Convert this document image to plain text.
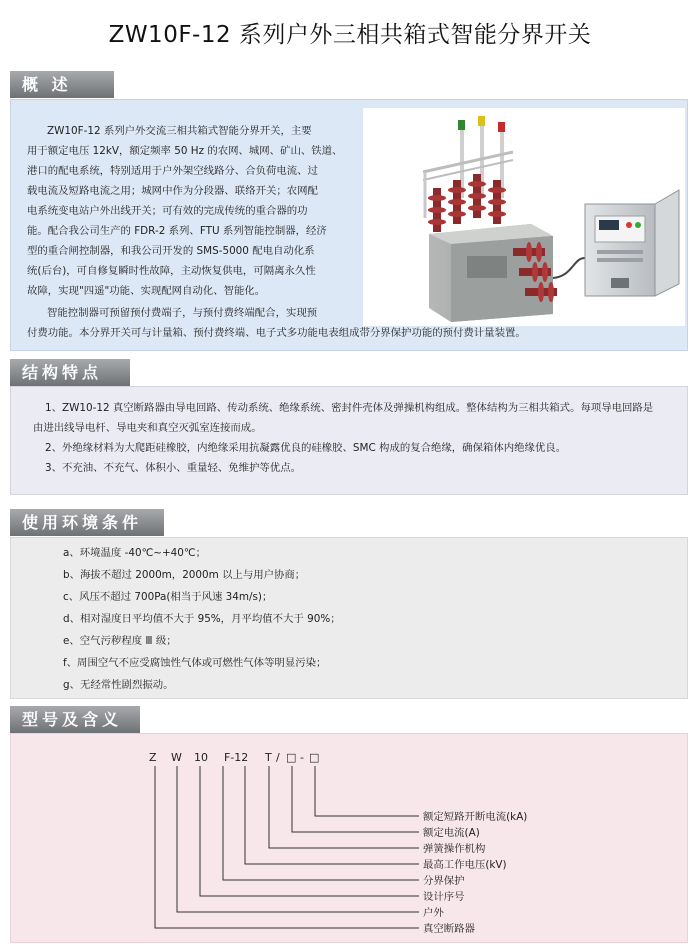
ZW10F-12 系列户外三相共箱式智能分界开关
概 述

ZW10F-12 系列户外交流三相共箱式智能分界开关，主要

用于额定电压 12kV，额定频率 50 Hz 的农网、城网、矿山、铁道、

港口的配电系统，特别适用于户外架空线路分、合负荷电流、过

载电流及短路电流之用；城网中作为分段器、联络开关；农网配

电系统变电站户外出线开关；可有效的完成传统的重合器的功

能。配合我公司生产的 FDR-2 系列、FTU 系列智能控制器，经济

型的重合闸控制器，和我公司开发的 SMS-5000 配电自动化系

统(后台)，可自修复瞬时性故障，主动恢复供电，可隔离永久性

故障，实现"四遥"功能、实现配网自动化、智能化。

智能控制器可预留预付费端子，与预付费终端配合，实现预

付费功能。本分界开关可与计量箱、预付费终端、电子式多功能电表组成带分界保护功能的预付费计量装置。

结构特点

1、ZW10-12 真空断路器由导电回路、传动系统、绝缘系统、密封件壳体及弹操机构组成。整体结构为三相共箱式。每项导电回路是

由进出线导电杆、导电夹和真空灭弧室连接而成。

2、外绝缘材料为大爬距硅橡胶，内绝缘采用抗凝露优良的硅橡胶、SMC 构成的复合绝缘，确保箱体内绝缘优良。

3、不充油、不充气、体积小、重量轻、免维护等优点。

使用环境条件
a、环境温度 -40℃~+40℃；
b、海拔不超过 2000m，2000m 以上与用户协商；
c、风压不超过 700Pa(相当于风速 34m/s)；
d、相对湿度日平均值不大于 95%，月平均值不大于 90%；
e、空气污秽程度 Ⅲ 级；
f、周围空气不应受腐蚀性气体或可燃性气体等明显污染；
g、无经常性剧烈振动。
型号及含义
Z W 10 F-12 T / □ - □
额定短路开断电流(kA)
额定电流(A)
弹簧操作机构
最高工作电压(kV)
分界保护
设计序号
户外
真空断路器
